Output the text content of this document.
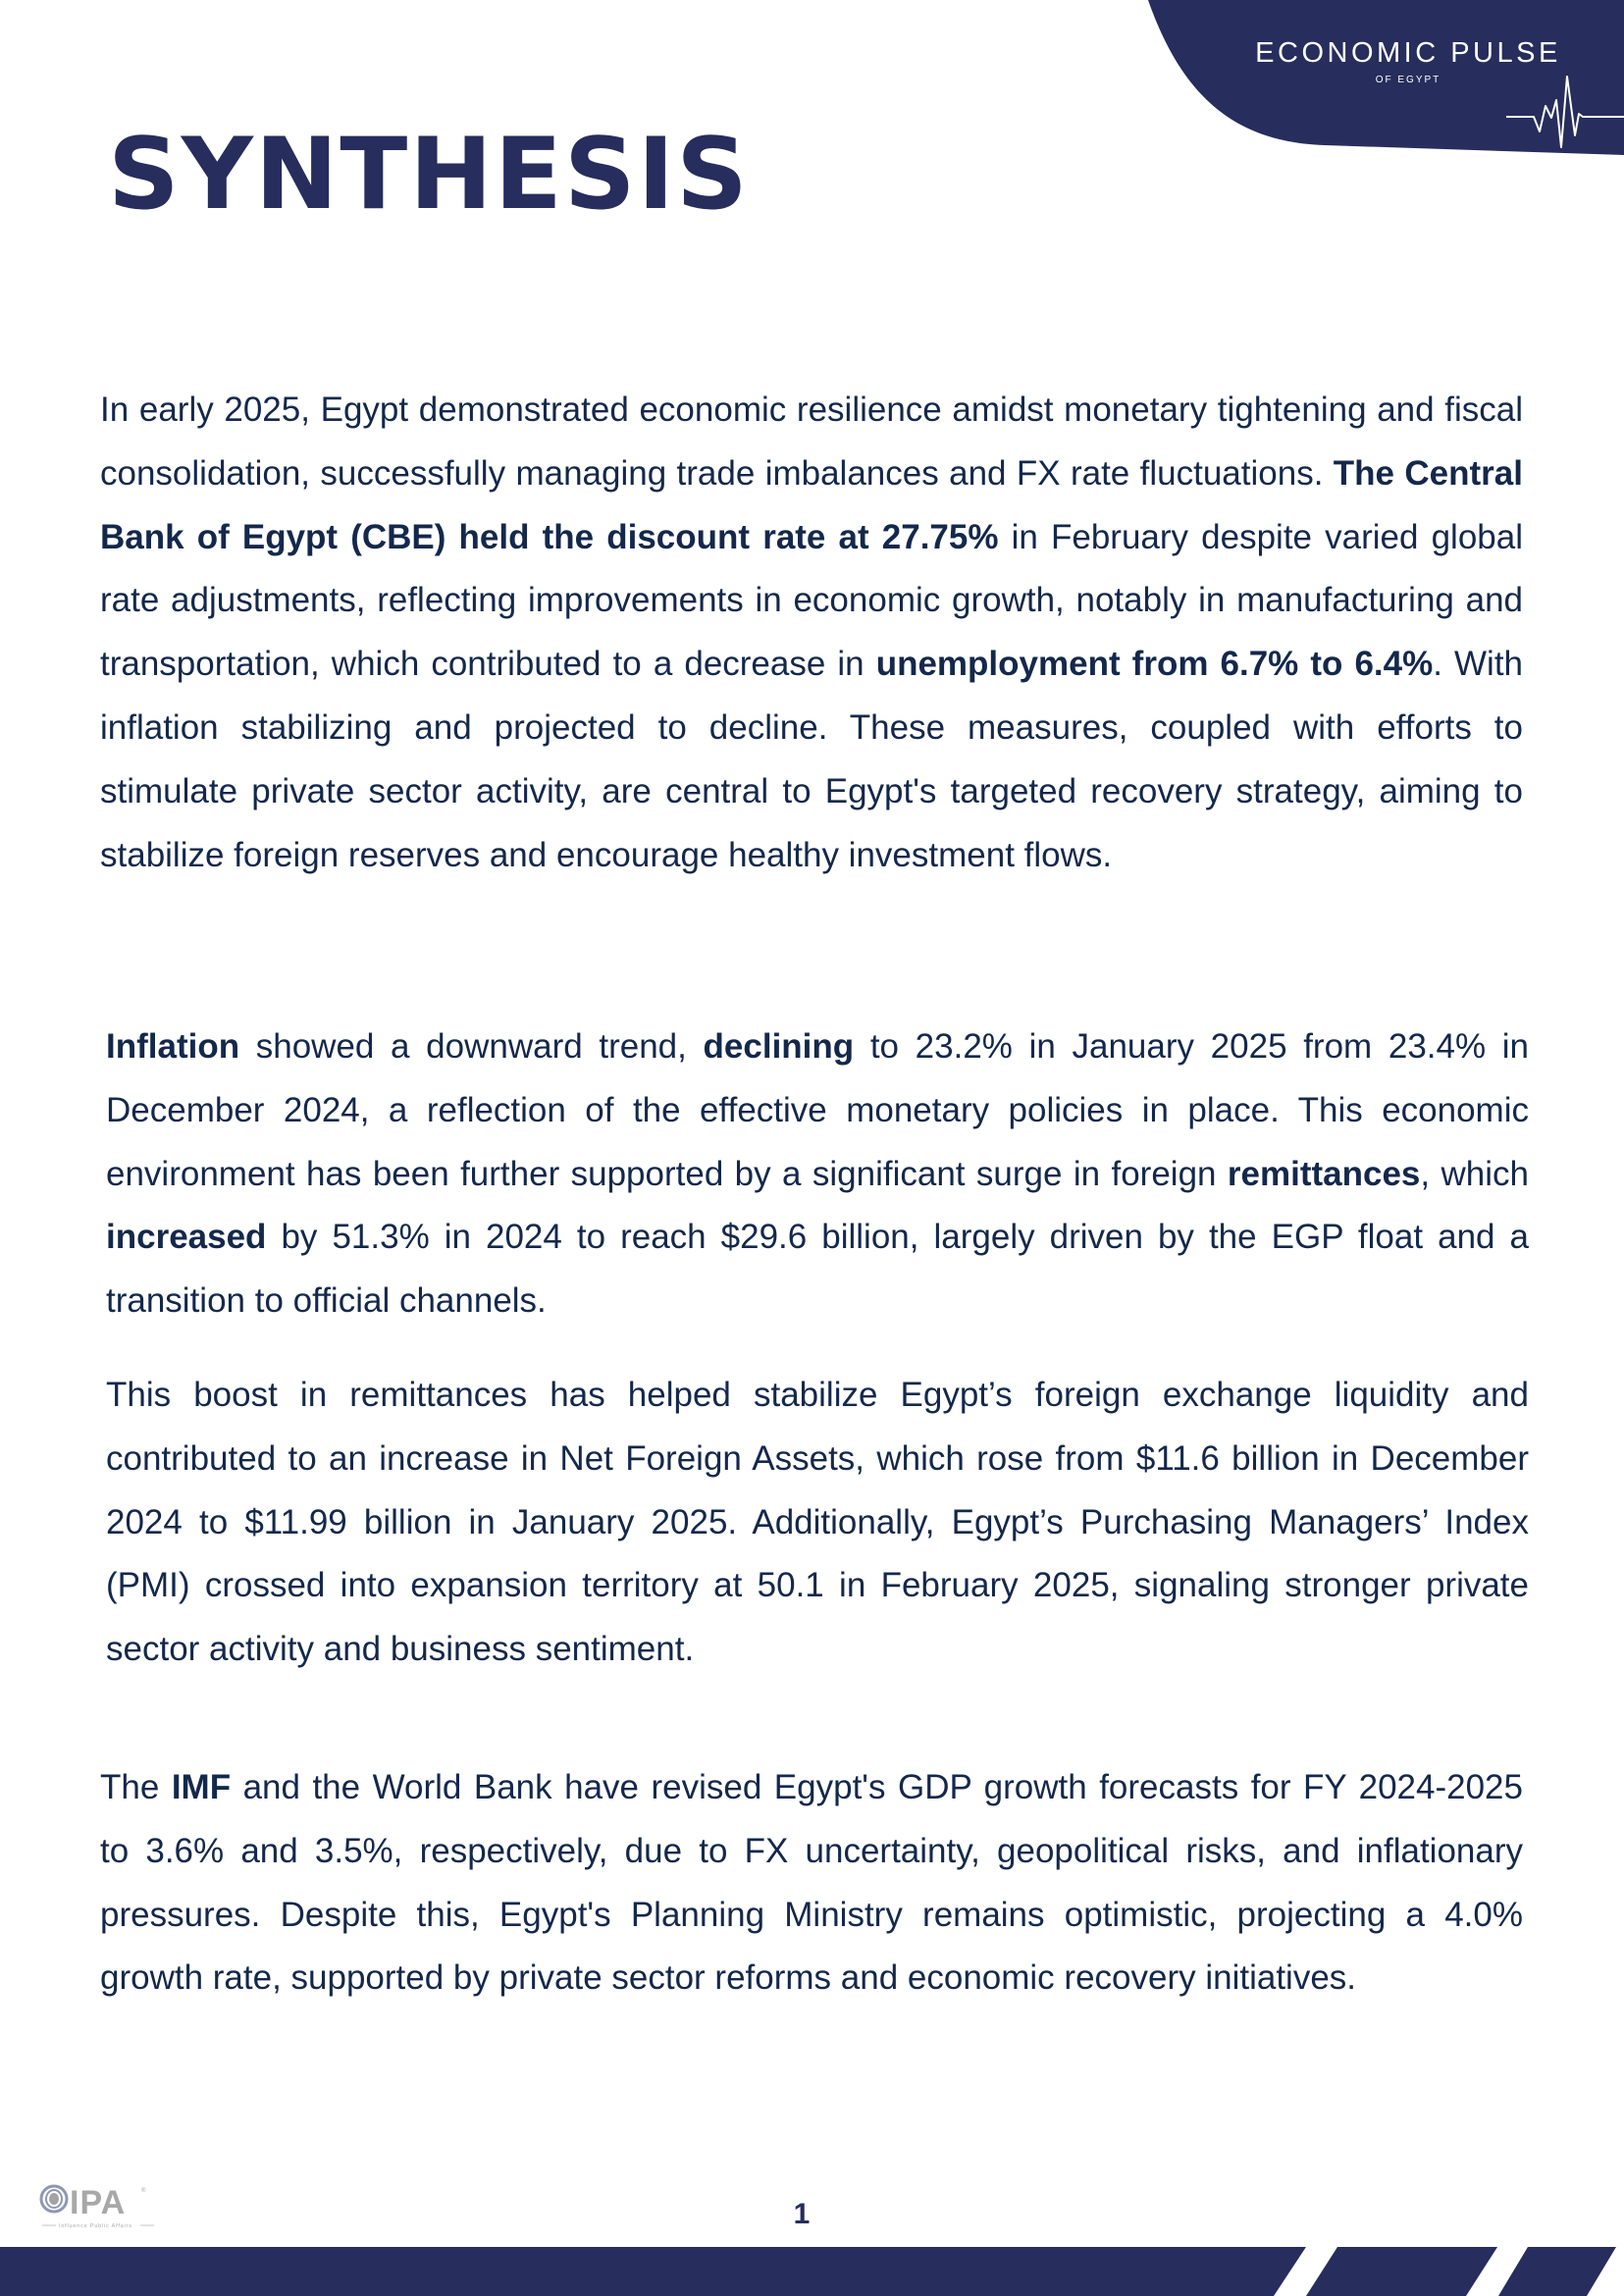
ECONOMIC PULSE
OF EGYPT
SYNTHESIS

In early 2025, Egypt demonstrated economic resilience amidst monetary tightening and fiscal consolidation, successfully managing trade imbalances and FX rate fluctuations. The Central Bank of Egypt (CBE) held the discount rate at 27.75% in February despite varied global rate adjustments, reflecting improvements in economic growth, notably in manufacturing and transportation, which contributed to a decrease in unemployment from 6.7% to 6.4%. With inflation stabilizing and projected to decline. These measures, coupled with efforts to stimulate private sector activity, are central to Egypt's targeted recovery strategy, aiming to stabilize foreign reserves and encourage healthy investment flows.

Inflation showed a downward trend, declining to 23.2% in January 2025 from 23.4% in December 2024, a reflection of the effective monetary policies in place. This economic environment has been further supported by a significant surge in foreign remittances, which increased by 51.3% in 2024 to reach $29.6 billion, largely driven by the EGP float and a transition to official channels.

This boost in remittances has helped stabilize Egypt’s foreign exchange liquidity and contributed to an increase in Net Foreign Assets, which rose from $11.6 billion in December 2024 to $11.99 billion in January 2025. Additionally, Egypt’s Purchasing Managers’ Index (PMI) crossed into expansion territory at 50.1 in February 2025, signaling stronger private sector activity and business sentiment.

The IMF and the World Bank have revised Egypt's GDP growth forecasts for FY 2024-2025 to 3.6% and 3.5%, respectively, due to FX uncertainty, geopolitical risks, and inflationary pressures. Despite this, Egypt's Planning Ministry remains optimistic, projecting a 4.0% growth rate, supported by private sector reforms and economic recovery initiatives.

IPA	®
Influence Public Affairs	1
